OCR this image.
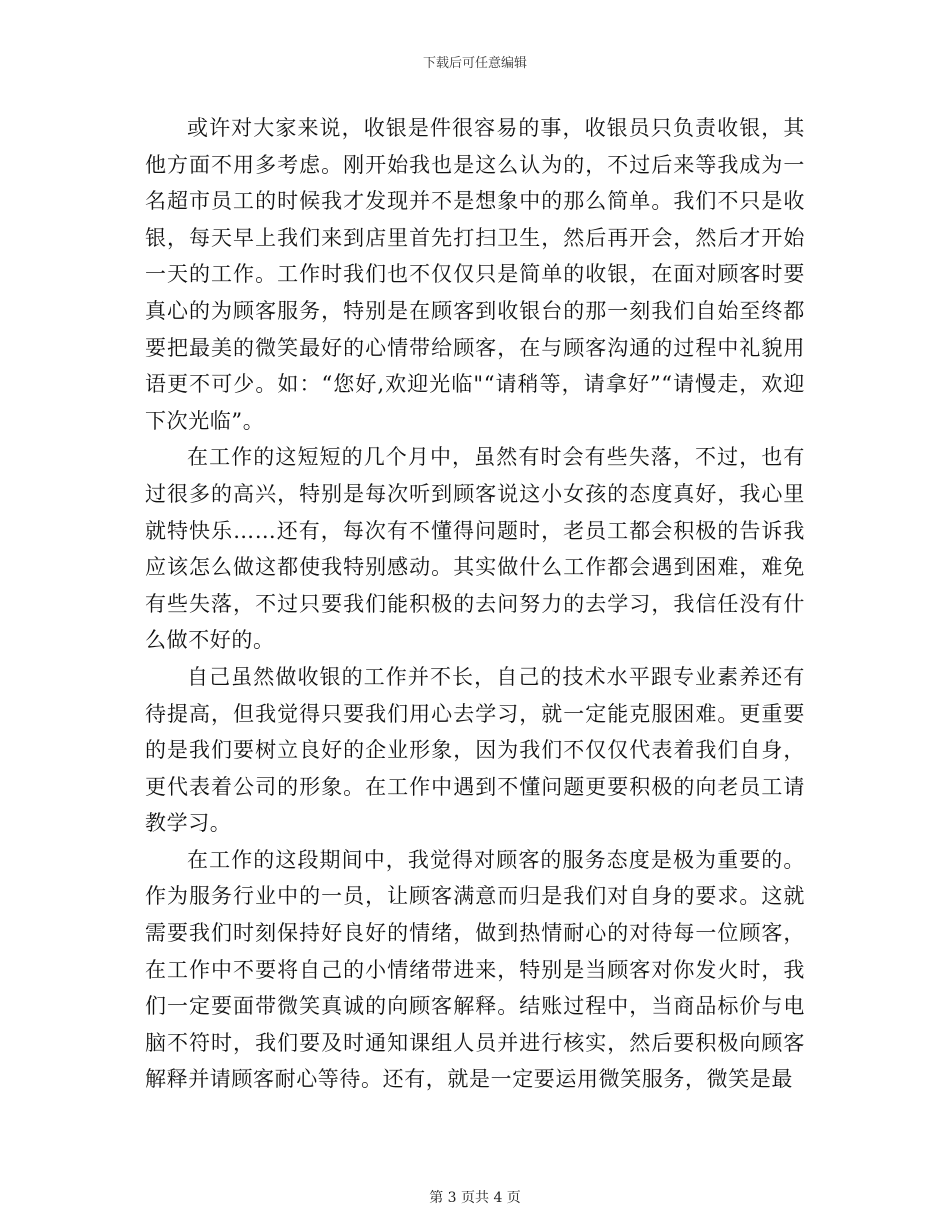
下载后可任意编辑

或许对大家来说，收银是件很容易的事，收银员只负责收银，其他方面不用多考虑。刚开始我也是这么认为的，不过后来等我成为一名超市员工的时候我才发现并不是想象中的那么简单。我们不只是收银，每天早上我们来到店里首先打扫卫生，然后再开会，然后才开始一天的工作。工作时我们也不仅仅只是简单的收银，在面对顾客时要真心的为顾客服务，特别是在顾客到收银台的那一刻我们自始至终都要把最美的微笑最好的心情带给顾客，在与顾客沟通的过程中礼貌用语更不可少。如：“您好,欢迎光临"“请稍等，请拿好”“请慢走，欢迎下次光临”。

在工作的这短短的几个月中，虽然有时会有些失落，不过，也有过很多的高兴，特别是每次听到顾客说这小女孩的态度真好，我心里就特快乐……还有，每次有不懂得问题时，老员工都会积极的告诉我应该怎么做这都使我特别感动。其实做什么工作都会遇到困难，难免有些失落，不过只要我们能积极的去问努力的去学习，我信任没有什么做不好的。

自己虽然做收银的工作并不长，自己的技术水平跟专业素养还有待提高，但我觉得只要我们用心去学习，就一定能克服困难。更重要的是我们要树立良好的企业形象，因为我们不仅仅代表着我们自身，更代表着公司的形象。在工作中遇到不懂问题更要积极的向老员工请教学习。

在工作的这段期间中，我觉得对顾客的服务态度是极为重要的。作为服务行业中的一员，让顾客满意而归是我们对自身的要求。这就需要我们时刻保持好良好的情绪，做到热情耐心的对待每一位顾客，在工作中不要将自己的小情绪带进来，特别是当顾客对你发火时，我们一定要面带微笑真诚的向顾客解释。结账过程中，当商品标价与电脑不符时，我们要及时通知课组人员并进行核实，然后要积极向顾客解释并请顾客耐心等待。还有，就是一定要运用微笑服务，微笑是最

第 3 页共 4 页
